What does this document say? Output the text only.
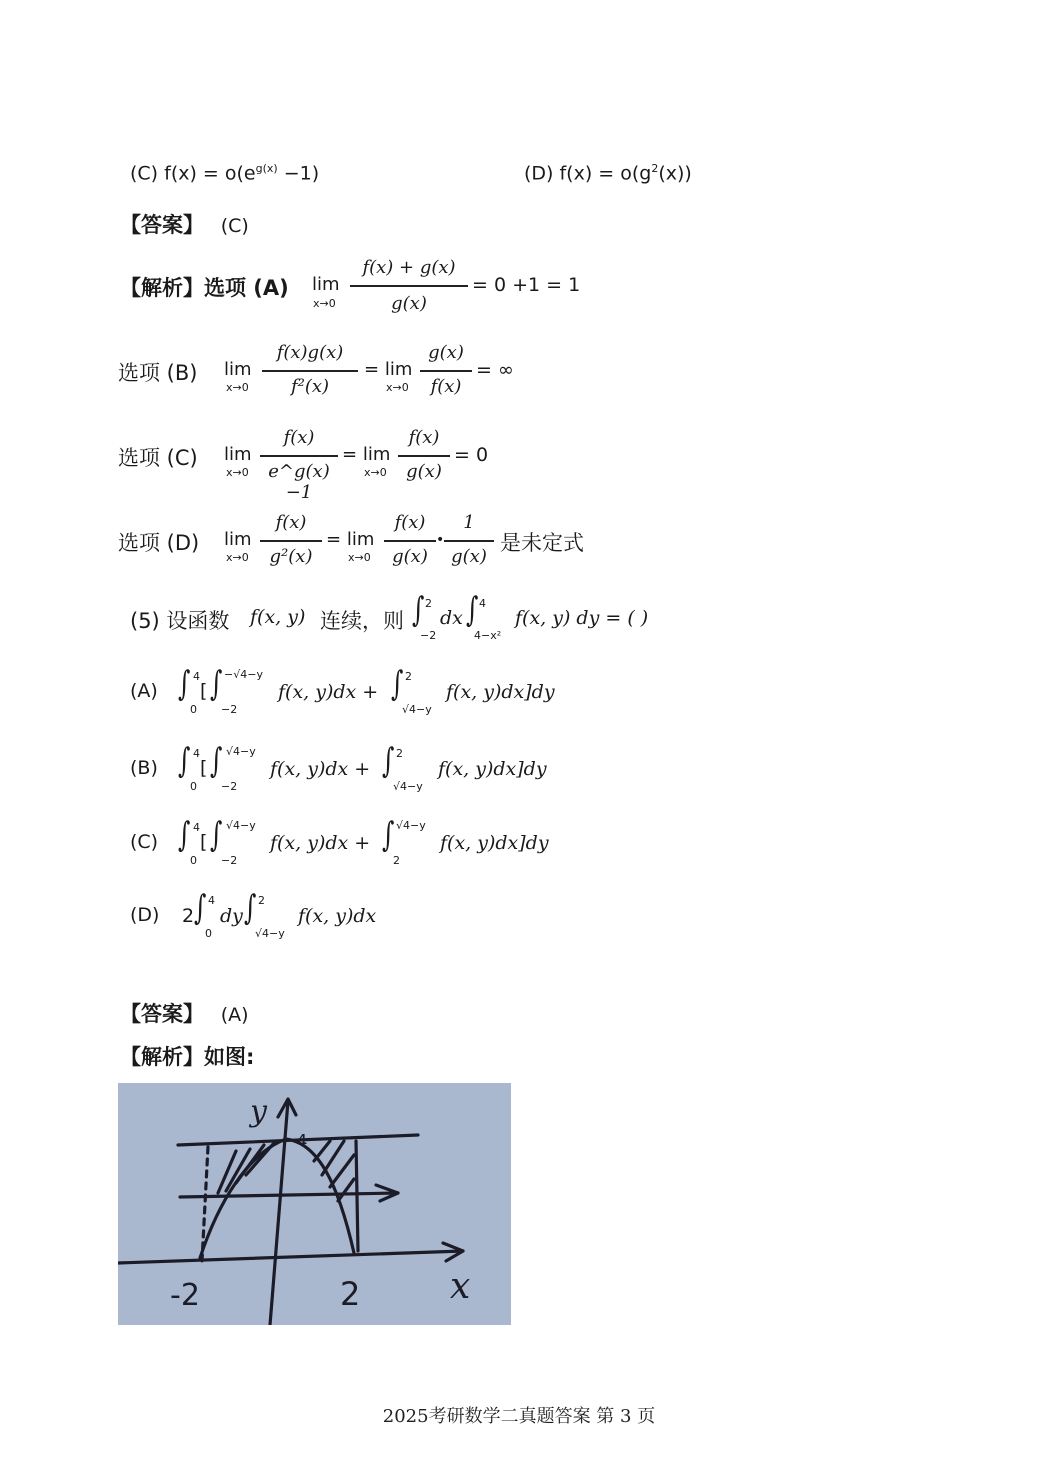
(C) $f(x) = o(e^{g(x)} -1)$	(D) $f(x) = o(g^2(x))$
【答案】 (C)
【解析】选项 (A) lim
x→0
f(x) + g(x)
g(x)
= 0 +1 = 1
选项 (B) lim
x→0
f(x)g(x)
f²(x)
= lim
x→0
g(x)
f(x)
= ∞
选项 (C) lim
x→0
f(x)
e^g(x) −1
= lim
x→0
f(x)
g(x)
= 0
选项 (D) lim
x→0
f(x)
g²(x)
= lim
x→0
f(x)
g(x)
•
1
g(x)
是未定式
(5) 设函数 f(x, y) 连续，则 ∫ 2
−2
dx ∫ 4
4−x²
f(x, y) dy = ( )
(A) ∫ 4
0
[ ∫ −√4−y
−2
f(x, y)dx + ∫ 2
√4−y
f(x, y)dx]dy
(B) ∫ 4
0
[ ∫ √4−y
−2
f(x, y)dx + ∫ 2
√4−y
f(x, y)dx]dy
(C) ∫ 4
0
[ ∫ √4−y
−2
f(x, y)dx + ∫ √4−y
2
f(x, y)dx]dy
(D) 2 ∫ 4
0
dy ∫ 2
√4−y
f(x, y)dx
【答案】 (A)
【解析】如图:
y
4
-2	2 x
2025考研数学二真题答案 第 3 页
